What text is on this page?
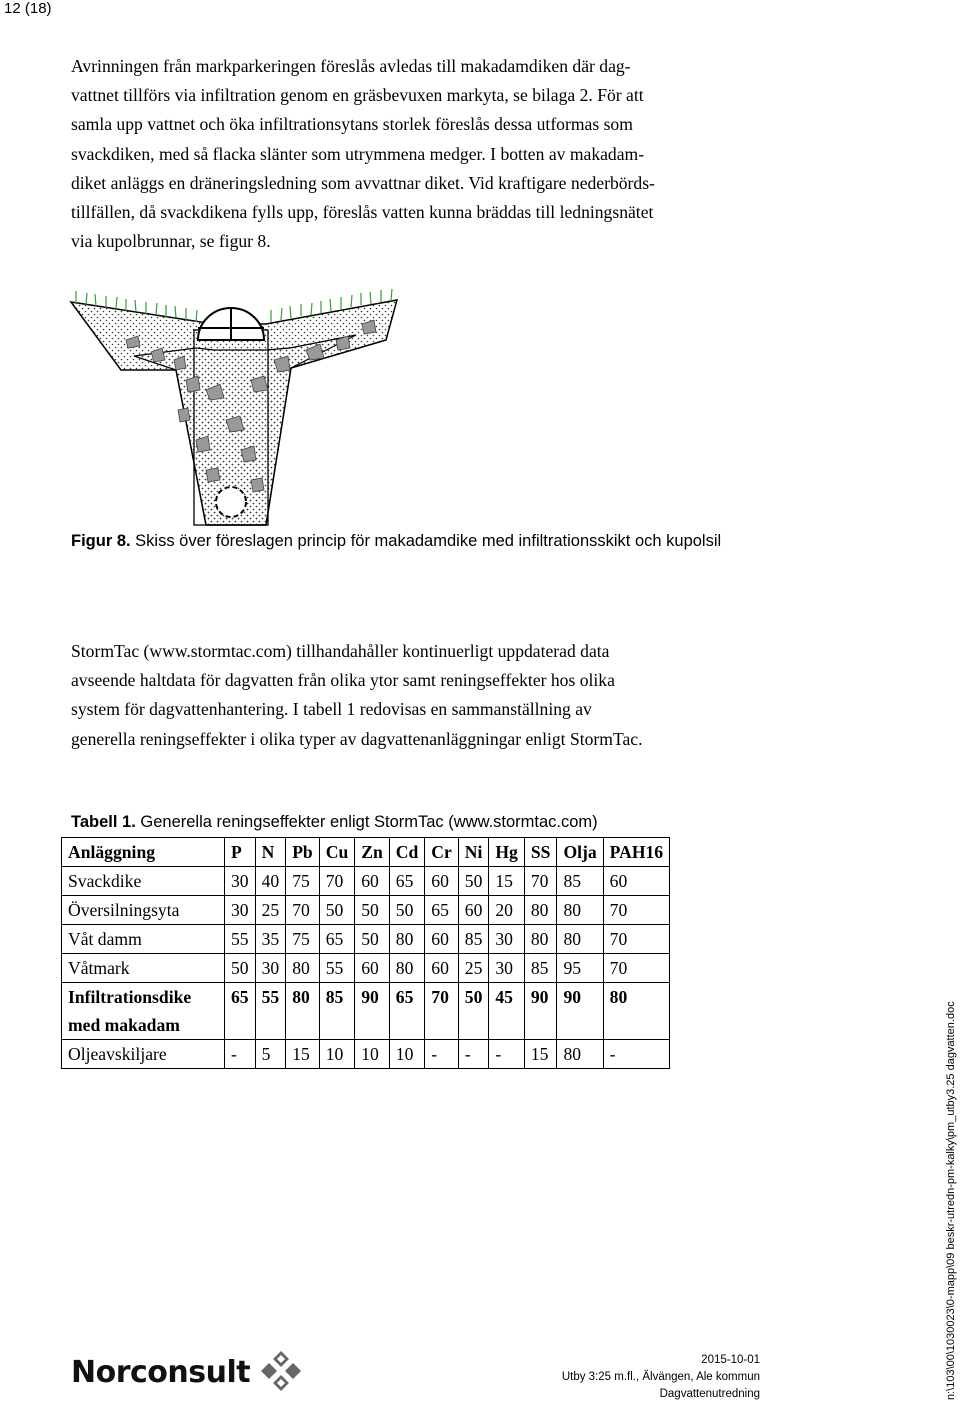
12 (18)
Avrinningen från markparkeringen föreslås avledas till makadamdiken där dag-
vattnet tillförs via infiltration genom en gräsbevuxen markyta, se bilaga 2. För att
samla upp vattnet och öka infiltrationsytans storlek föreslås dessa utformas som
svackdiken, med så flacka slänter som utrymmena medger. I botten av makadam-
diket anläggs en dräneringsledning som avvattnar diket. Vid kraftigare nederbörds-
tillfällen, då svackdikena fylls upp, föreslås vatten kunna bräddas till ledningsnätet
via kupolbrunnar, se figur 8.
Figur 8. Skiss över föreslagen princip för makadamdike med infiltrationsskikt och kupolsil
StormTac (www.stormtac.com) tillhandahåller kontinuerligt uppdaterad data
avseende haltdata för dagvatten från olika ytor samt reningseffekter hos olika
system för dagvattenhantering. I tabell 1 redovisas en sammanställning av
generella reningseffekter i olika typer av dagvattenanläggningar enligt StormTac.
Tabell 1. Generella reningseffekter enligt StormTac (www.stormtac.com)
Anläggning	P	N	Pb	Cu	Zn	Cd	Cr	Ni	Hg	SS	Olja	PAH16
Svackdike	30	40	75	70	60	65	60	50	15	70	85	60
Översilningsyta	30	25	70	50	50	50	65	60	20	80	80	70
Våt damm	55	35	75	65	50	80	60	85	30	80	80	70
Våtmark	50	30	80	55	60	80	60	25	30	85	95	70
Infiltrationsdike med makadam	65	55	80	85	90	65	70	50	45	90	90	80
Oljeavskiljare	-	5	15	10	10	10	-	-	-	15	80	-
Norconsult	2015-10-01
Utby 3:25 m.fl., Älvängen, Ale kommun
Dagvattenutredning	n:\103\00\1030023\0-mapp\09 beskr-utredn-pm-kalky\pm_utby3.25 dagvatten.doc
